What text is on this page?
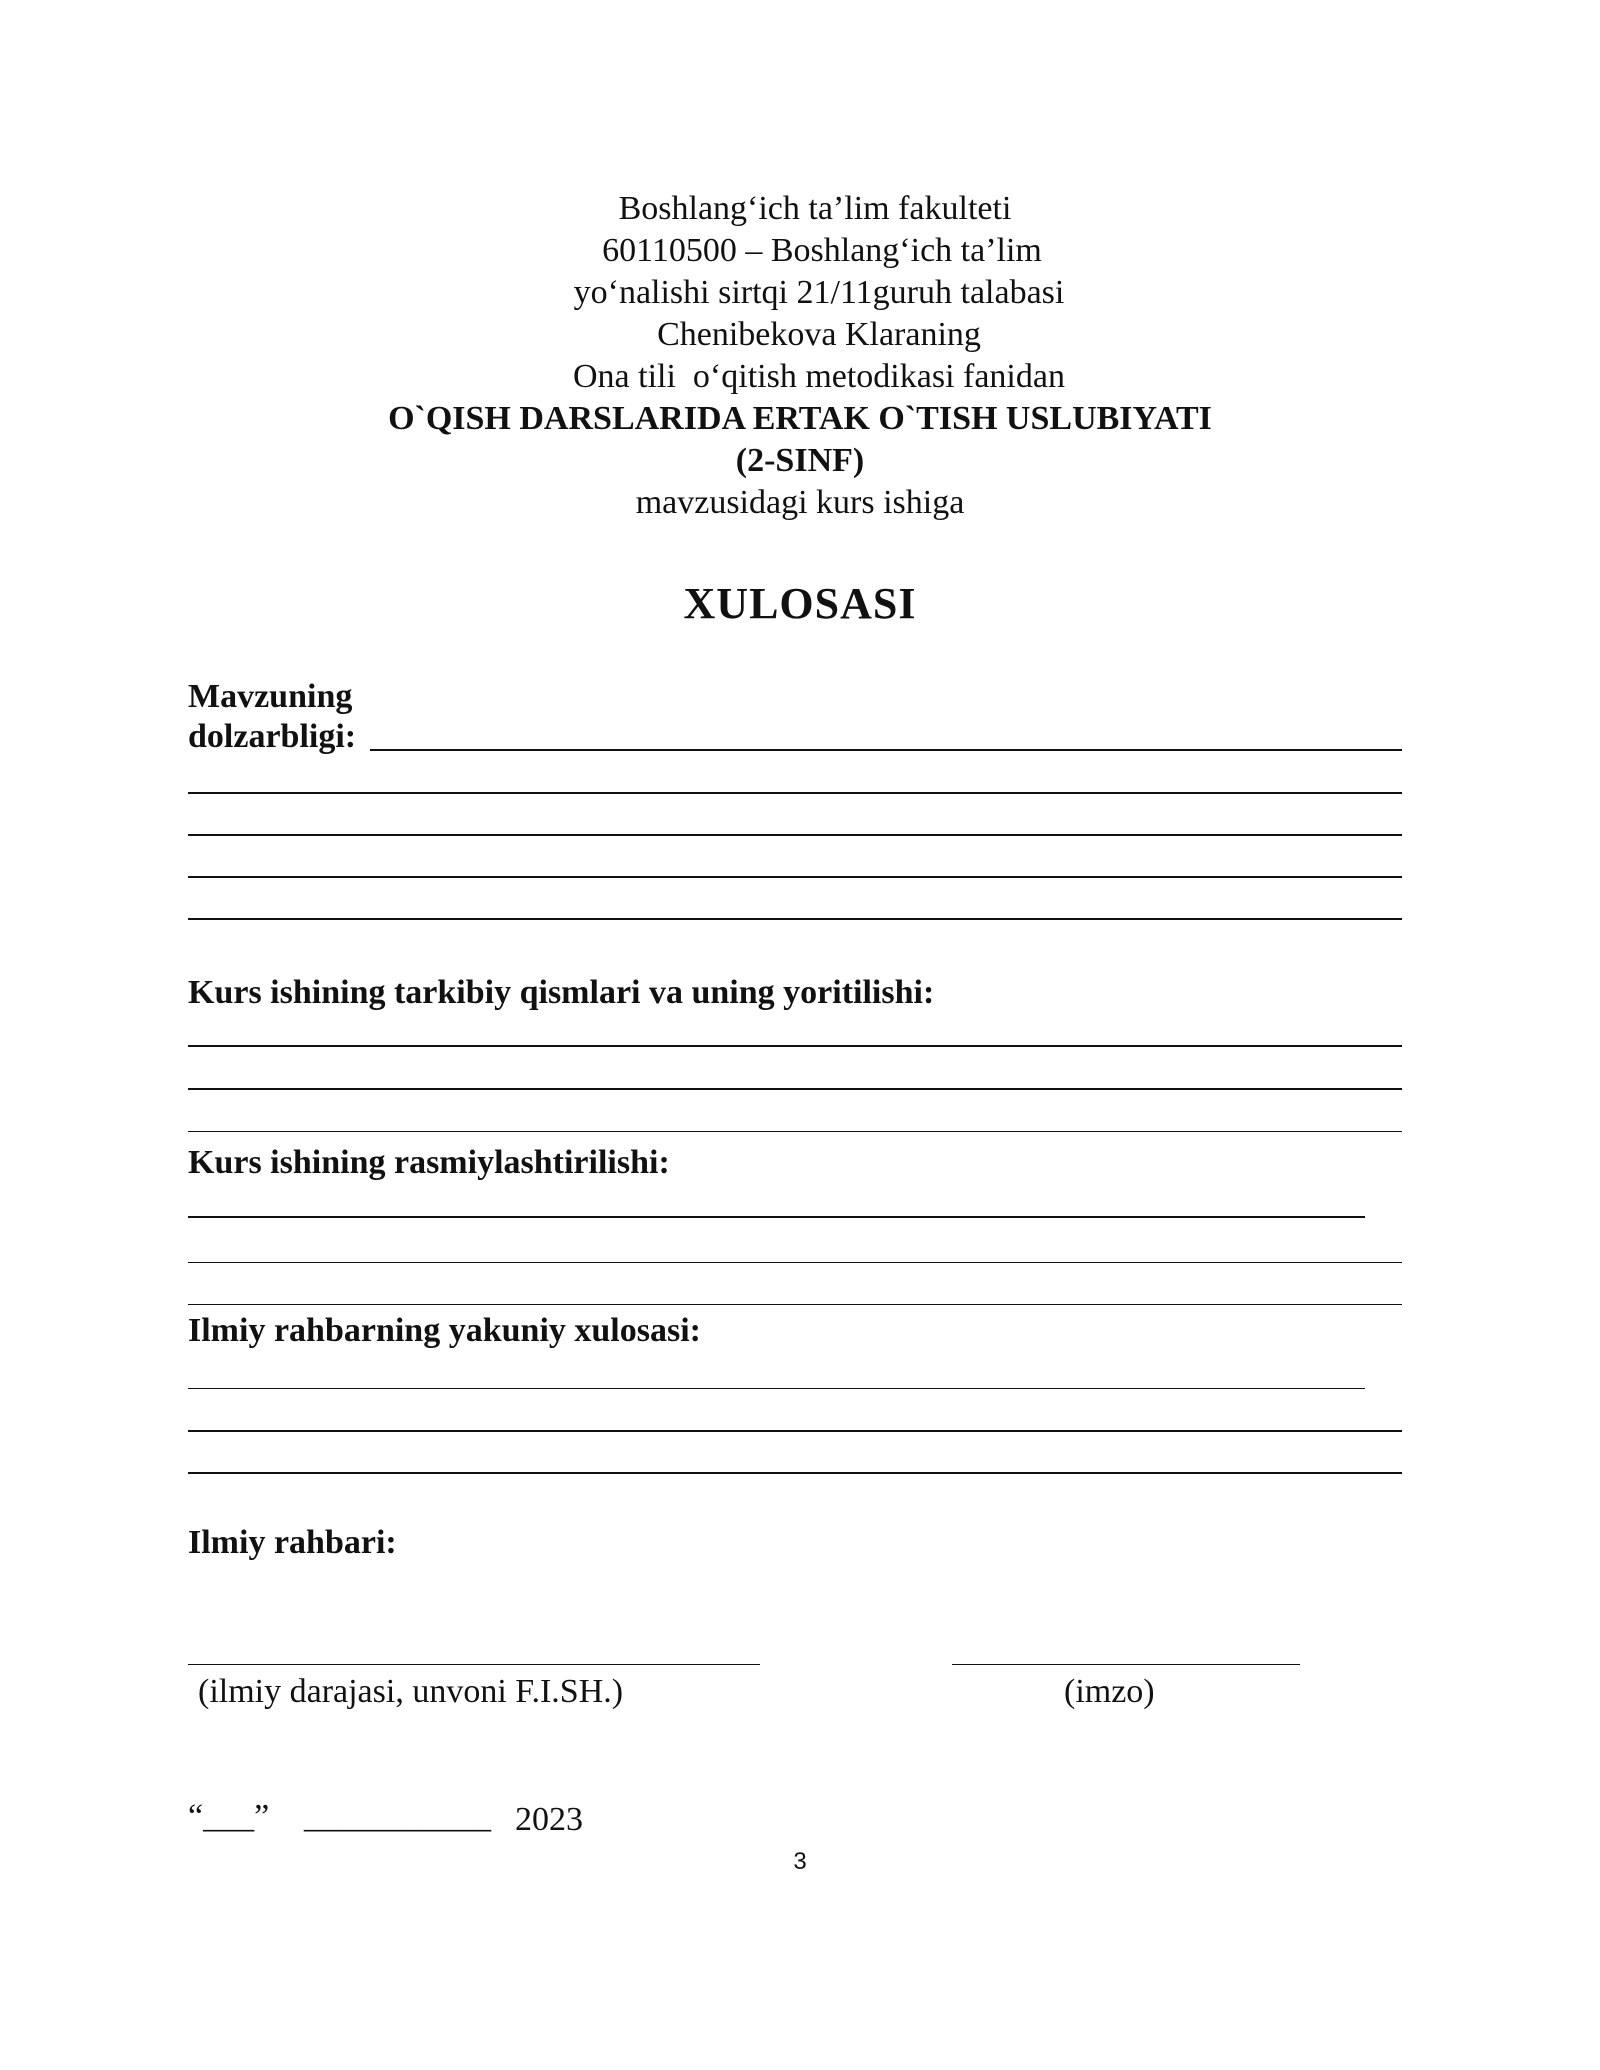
Boshlang‘ich ta’lim fakulteti
60110500 – Boshlang‘ich ta’lim
yo‘nalishi sirtqi 21/11guruh talabasi
Chenibekova Klaraning
Ona tili  o‘qitish metodikasi fanidan
O`QISH DARSLARIDA ERTAK O`TISH USLUBIYATI
(2-SINF)
mavzusidagi kurs ishiga
XULOSASI
Mavzuning
dolzarbligi:
Kurs ishining tarkibiy qismlari va uning yoritilishi:
Kurs ishining rasmiylashtirilishi:
Ilmiy rahbarning yakuniy xulosasi:
Ilmiy rahbari:
(ilmiy darajasi, unvoni F.I.SH.)	(imzo)
“___” ___________ 2023
3
